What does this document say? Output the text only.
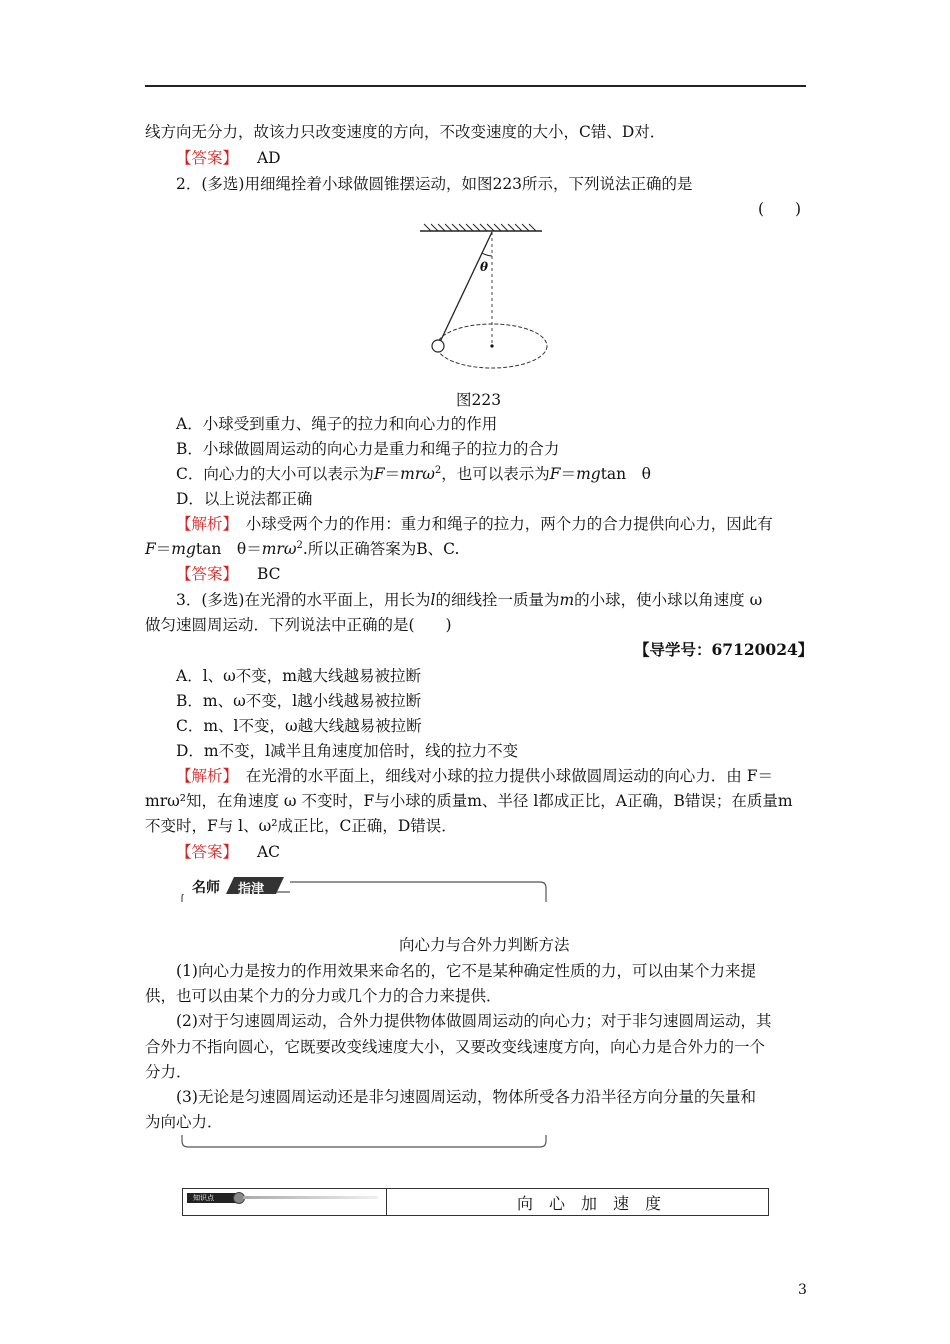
线方向无分力，故该力只改变速度的方向，不改变速度的大小，C错、D对．
【答案】 AD
2．(多选)用细绳拴着小球做圆锥摆运动，如图223所示，下列说法正确的是
(　　)
θ
图223
A．小球受到重力、绳子的拉力和向心力的作用
B．小球做圆周运动的向心力是重力和绳子的拉力的合力
C．向心力的大小可以表示为F＝mrω$^2$，也可以表示为F＝mgtan　θ
D．以上说法都正确
【解析】　小球受两个力的作用：重力和绳子的拉力，两个力的合力提供向心力，因此有
F＝mgtan　θ＝mrω$^2$.所以正确答案为B、C.
【答案】 BC
3．(多选)在光滑的水平面上，用长为l的细线拴一质量为m的小球，使小球以角速度 ω
做匀速圆周运动．下列说法中正确的是(　　)
【导学号：67120024】
A．l、ω不变，m越大线越易被拉断
B．m、ω不变，l越小线越易被拉断
C．m、l不变，ω越大线越易被拉断
D．m不变，l减半且角速度加倍时，线的拉力不变
【解析】　在光滑的水平面上，细线对小球的拉力提供小球做圆周运动的向心力．由 F＝
mrω²知，在角速度 ω 不变时，F与小球的质量m、半径 l都成正比，A正确，B错误；在质量m
不变时，F与 l、ω²成正比，C正确，D错误．
【答案】 AC
名师 指津
向心力与合外力判断方法
(1)向心力是按力的作用效果来命名的，它不是某种确定性质的力，可以由某个力来提
供，也可以由某个力的分力或几个力的合力来提供．
(2)对于匀速圆周运动，合外力提供物体做圆周运动的向心力；对于非匀速圆周运动，其
合外力不指向圆心，它既要改变线速度大小，又要改变线速度方向，向心力是合外力的一个
分力．
(3)无论是匀速圆周运动还是非匀速圆周运动，物体所受各力沿半径方向分量的矢量和
为向心力．
知识点	向　心　加　速　度
3
